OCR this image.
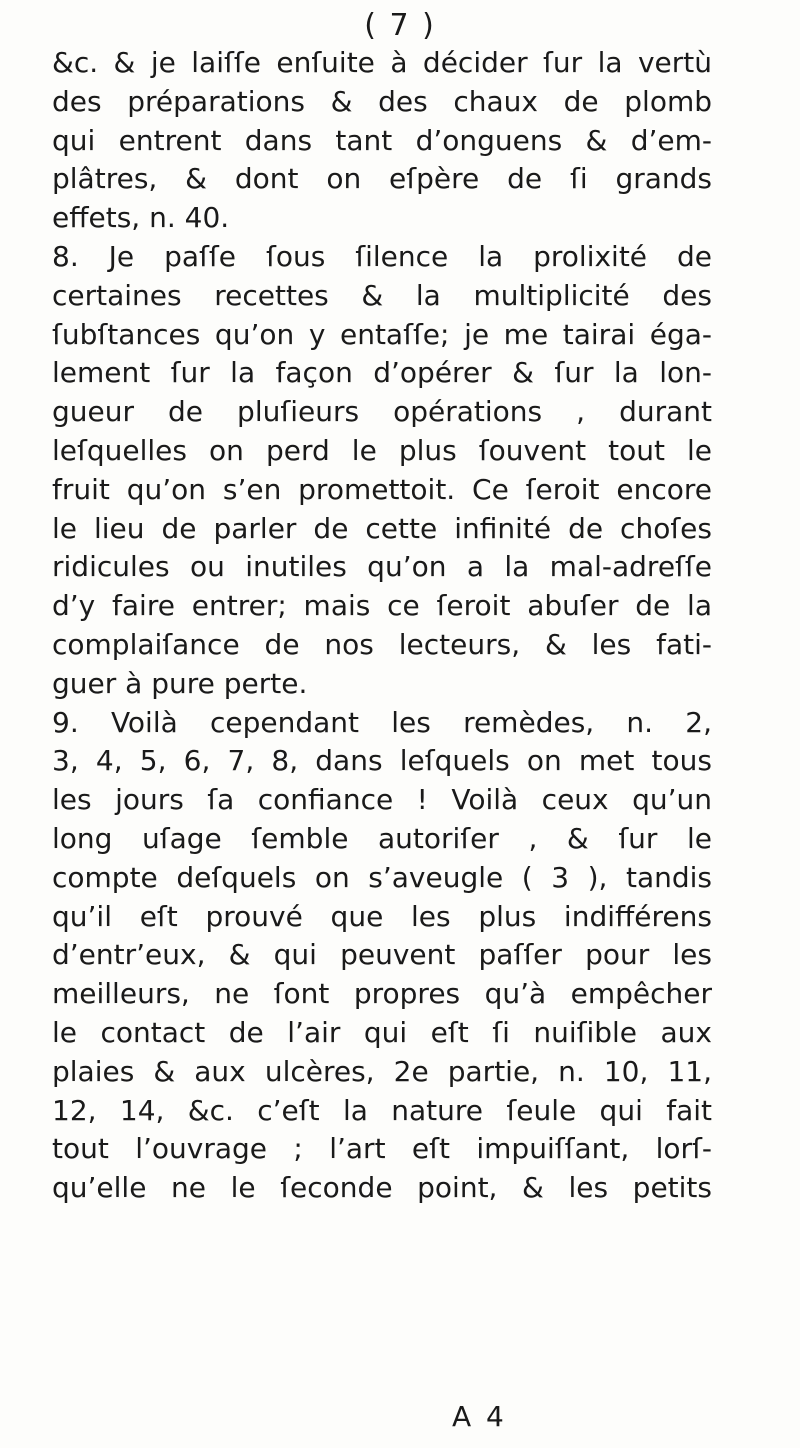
( 7 )
&c. & je laiſſe enſuite à décider ſur la vertù
des préparations & des chaux de plomb
qui entrent dans tant d’onguens & d’em-
plâtres, & dont on eſpère de ſi grands
effets, n. 40.
8. Je paſſe ſous ſilence la prolixité de
certaines recettes & la multiplicité des
ſubſtances qu’on y entaſſe; je me tairai éga-
lement ſur la façon d’opérer & ſur la lon-
gueur de pluſieurs opérations , durant
leſquelles on perd le plus ſouvent tout le
fruit qu’on s’en promettoit. Ce ſeroit encore
le lieu de parler de cette infinité de choſes
ridicules ou inutiles qu’on a la mal-adreſſe
d’y faire entrer; mais ce ſeroit abuſer de la
complaiſance de nos lecteurs, & les fati-
guer à pure perte.
9. Voilà cependant les remèdes, n. 2,
3, 4, 5, 6, 7, 8, dans leſquels on met tous
les jours ſa confiance ! Voilà ceux qu’un
long uſage ſemble autoriſer , & ſur le
compte deſquels on s’aveugle ( 3 ), tandis
qu’il eſt prouvé que les plus indifférens
d’entr’eux, & qui peuvent paſſer pour les
meilleurs, ne ſont propres qu’à empêcher
le contact de l’air qui eſt ſi nuiſible aux
plaies & aux ulcères, 2e partie, n. 10, 11,
12, 14, &c. c’eſt la nature ſeule qui fait
tout l’ouvrage ; l’art eſt impuiſſant, lorſ-
qu’elle ne le ſeconde point, & les petits
A 4
